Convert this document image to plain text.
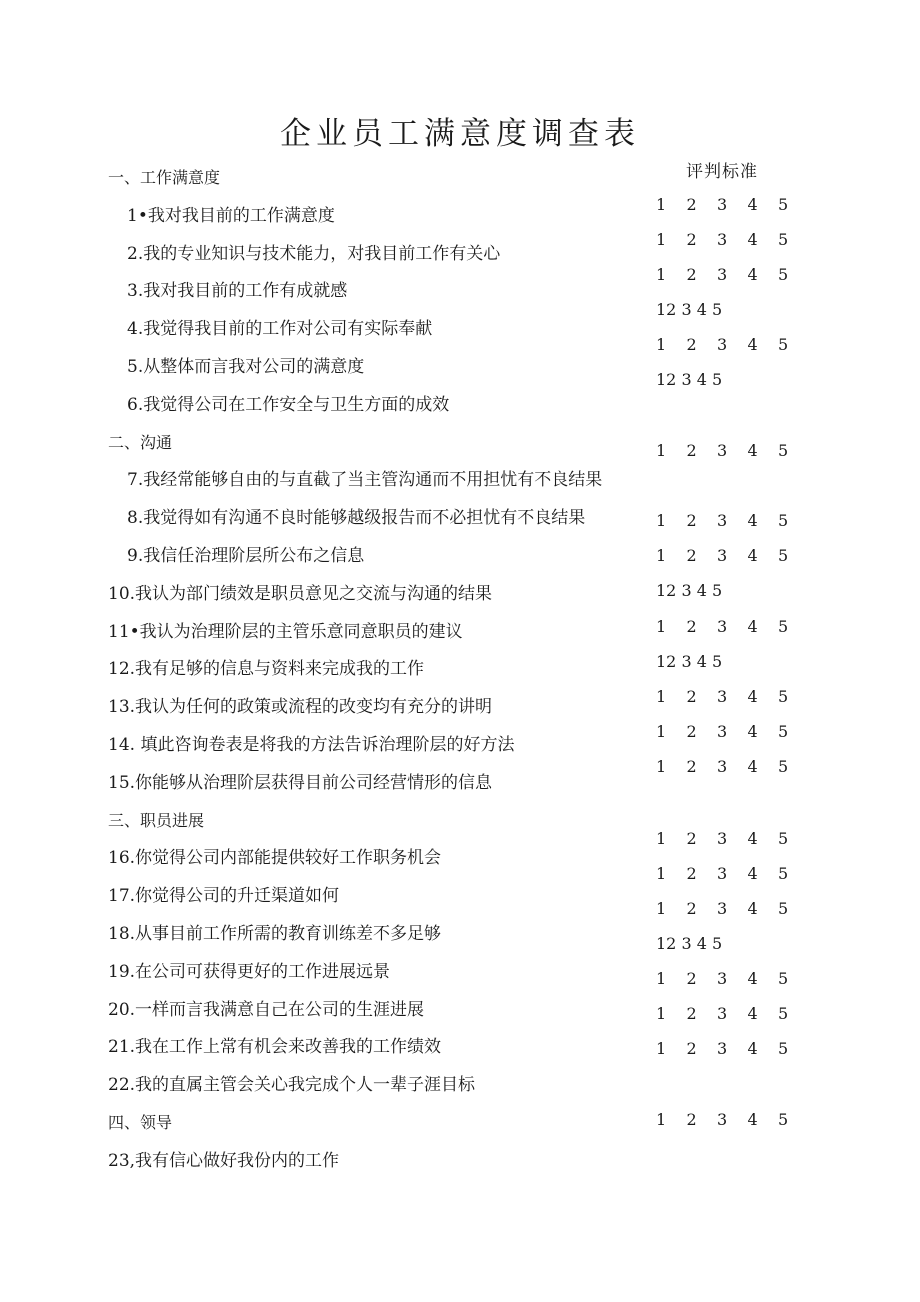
企业员工满意度调查表
评判标准
一、工作满意度
1•我对我目前的工作满意度
2.我的专业知识与技术能力，对我目前工作有关心
3.我对我目前的工作有成就感
4.我觉得我目前的工作对公司有实际奉献
5.从整体而言我对公司的满意度
6.我觉得公司在工作安全与卫生方面的成效
二、沟通
7.我经常能够自由的与直截了当主管沟通而不用担忧有不良结果
8.我觉得如有沟通不良时能够越级报告而不必担忧有不良结果
9.我信任治理阶层所公布之信息
10.我认为部门绩效是职员意见之交流与沟通的结果
11•我认为治理阶层的主管乐意同意职员的建议
12.我有足够的信息与资料来完成我的工作
13.我认为任何的政策或流程的改变均有充分的讲明
14. 填此咨询卷表是将我的方法告诉治理阶层的好方法
15.你能够从治理阶层获得目前公司经营情形的信息
三、职员进展
16.你觉得公司内部能提供较好工作职务机会
17.你觉得公司的升迁渠道如何
18.从事目前工作所需的教育训练差不多足够
19.在公司可获得更好的工作进展远景
20.一样而言我满意自己在公司的生涯进展
21.我在工作上常有机会来改善我的工作绩效
22.我的直属主管会关心我完成个人一辈子涯目标
四、领导
23,我有信心做好我份内的工作
1 2 3 4 5
1 2 3 4 5
1 2 3 4 5
12 3 4 5
1 2 3 4 5
12 3 4 5
1 2 3 4 5
1 2 3 4 5
1 2 3 4 5
12 3 4 5
1 2 3 4 5
12 3 4 5
1 2 3 4 5
1 2 3 4 5
1 2 3 4 5
1 2 3 4 5
1 2 3 4 5
1 2 3 4 5
12 3 4 5
1 2 3 4 5
1 2 3 4 5
1 2 3 4 5
1 2 3 4 5
